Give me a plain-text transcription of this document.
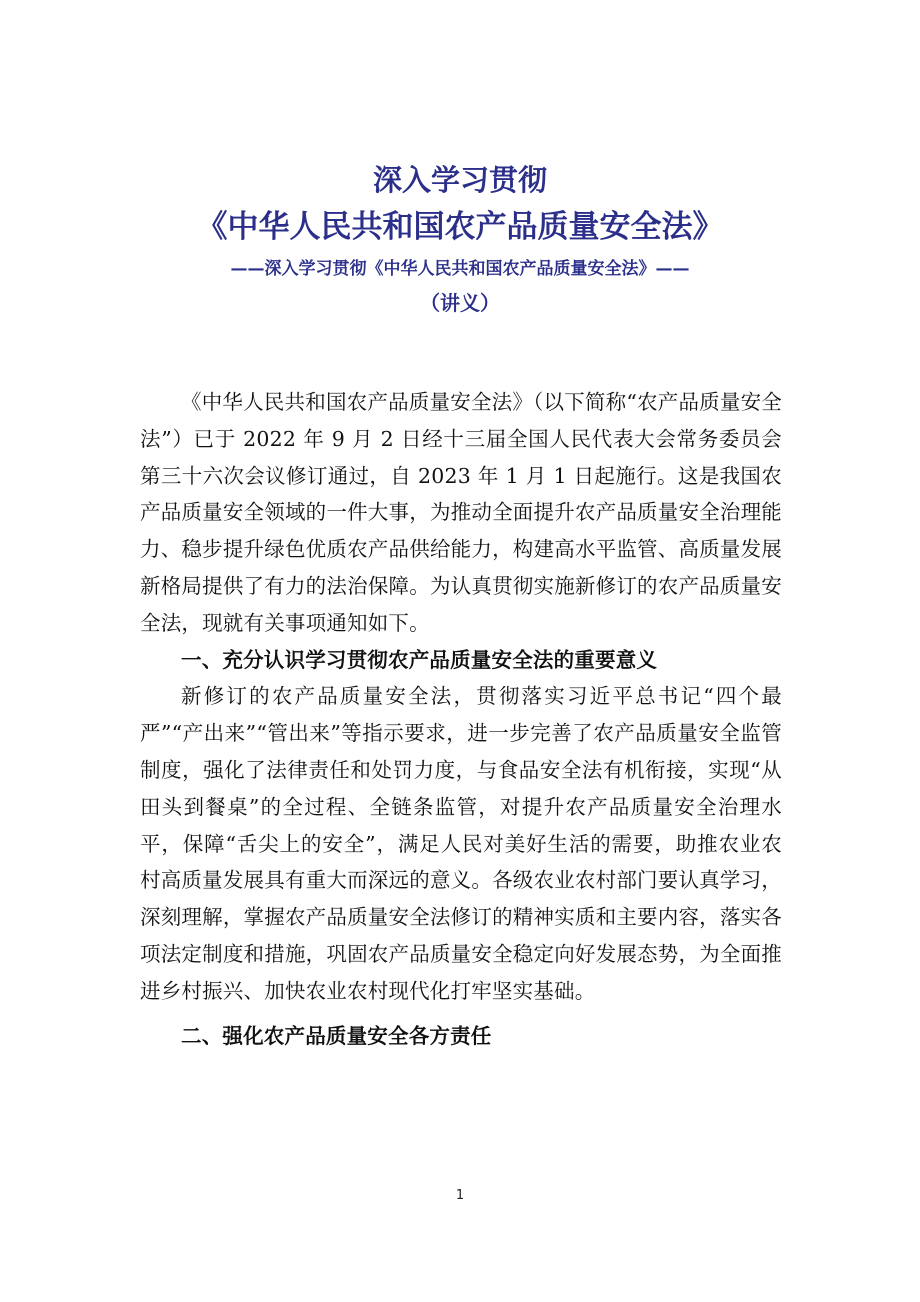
深入学习贯彻
《中华人民共和国农产品质量安全法》
——深入学习贯彻《中华人民共和国农产品质量安全法》——
（讲义）

《中华人民共和国农产品质量安全法》（以下简称“农产品质量安全法”）已于 2022 年 9 月 2 日经十三届全国人民代表大会常务委员会第三十六次会议修订通过，自 2023 年 1 月 1 日起施行。这是我国农产品质量安全领域的一件大事，为推动全面提升农产品质量安全治理能力、稳步提升绿色优质农产品供给能力，构建高水平监管、高质量发展新格局提供了有力的法治保障。为认真贯彻实施新修订的农产品质量安全法，现就有关事项通知如下。

一、充分认识学习贯彻农产品质量安全法的重要意义

新修订的农产品质量安全法，贯彻落实习近平总书记“四个最严”“产出来”“管出来”等指示要求，进一步完善了农产品质量安全监管制度，强化了法律责任和处罚力度，与食品安全法有机衔接，实现“从田头到餐桌”的全过程、全链条监管，对提升农产品质量安全治理水平，保障“舌尖上的安全”，满足人民对美好生活的需要，助推农业农村高质量发展具有重大而深远的意义。各级农业农村部门要认真学习，深刻理解，掌握农产品质量安全法修订的精神实质和主要内容，落实各项法定制度和措施，巩固农产品质量安全稳定向好发展态势，为全面推进乡村振兴、加快农业农村现代化打牢坚实基础。

二、强化农产品质量安全各方责任
1
